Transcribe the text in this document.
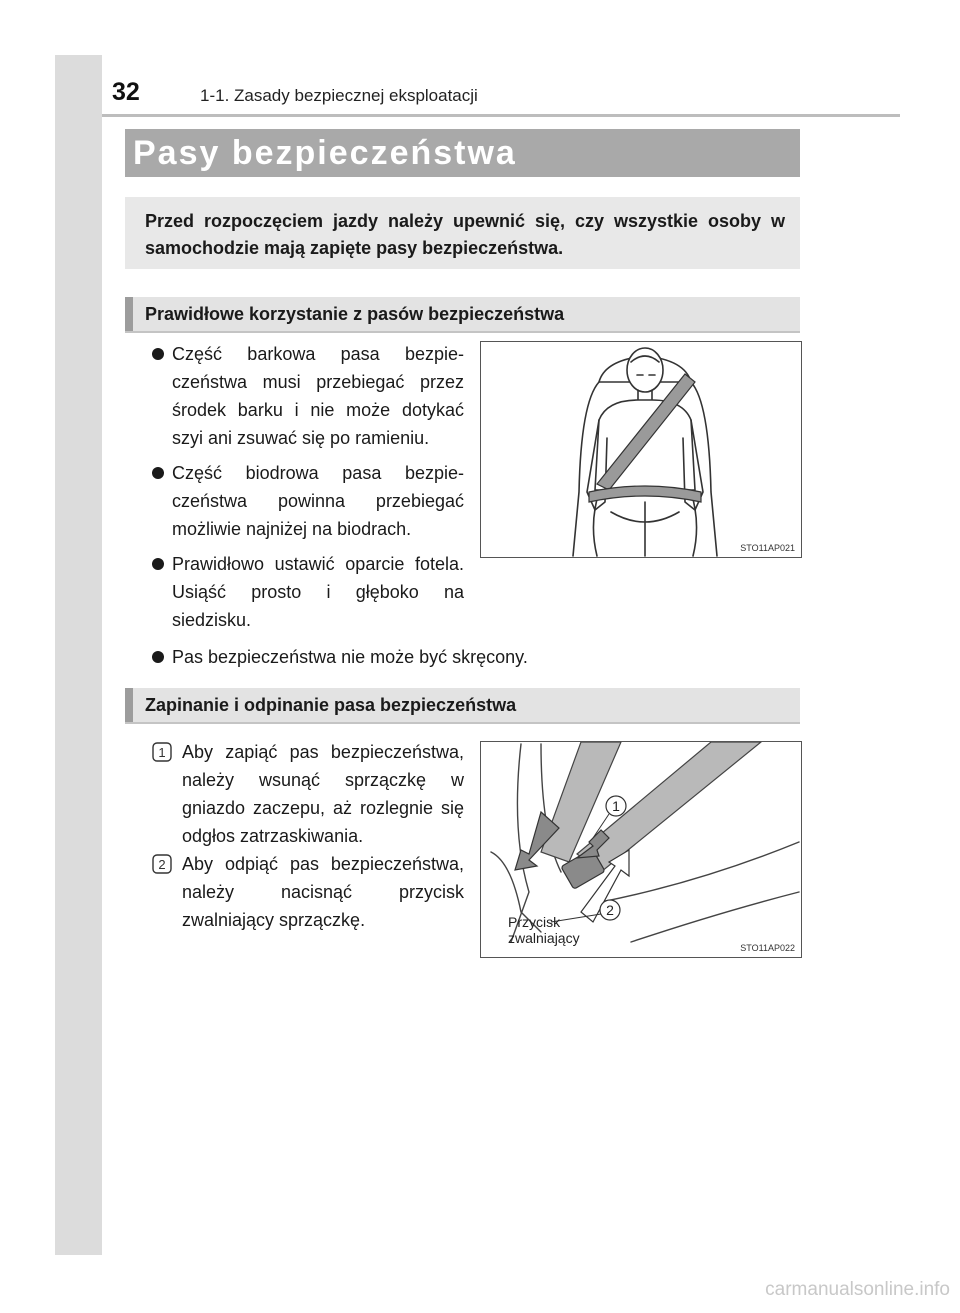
32	1-1. Zasady bezpiecznej eksploatacji
Pasy bezpieczeństwa
Przed rozpoczęciem jazdy należy upewnić się, czy wszystkie osoby w samochodzie mają zapięte pasy bezpieczeństwa.
Prawidłowe korzystanie z pasów bezpieczeństwa
Część barkowa pasa bezpieczeństwa musi przebiegać przez środek barku i nie może dotykać szyi ani zsuwać się po ramieniu.
Część biodrowa pasa bezpieczeństwa powinna przebiegać możliwie najniżej na biodrach.
Prawidłowo ustawić oparcie fotela. Usiąść prosto i głęboko na siedzisku.
Pas bezpieczeństwa nie może być skręcony.
STO11AP021
Zapinanie i odpinanie pasa bezpieczeństwa
1 Aby zapiąć pas bezpieczeństwa, należy wsunąć sprzączkę w gniazdo zaczepu, aż rozlegnie się odgłos zatrzaskiwania.
2 Aby odpiąć pas bezpieczeństwa, należy nacisnąć przycisk zwalniający sprzączkę.
1
2
Przycisk
zwalniający
STO11AP022
carmanualsonline.info
